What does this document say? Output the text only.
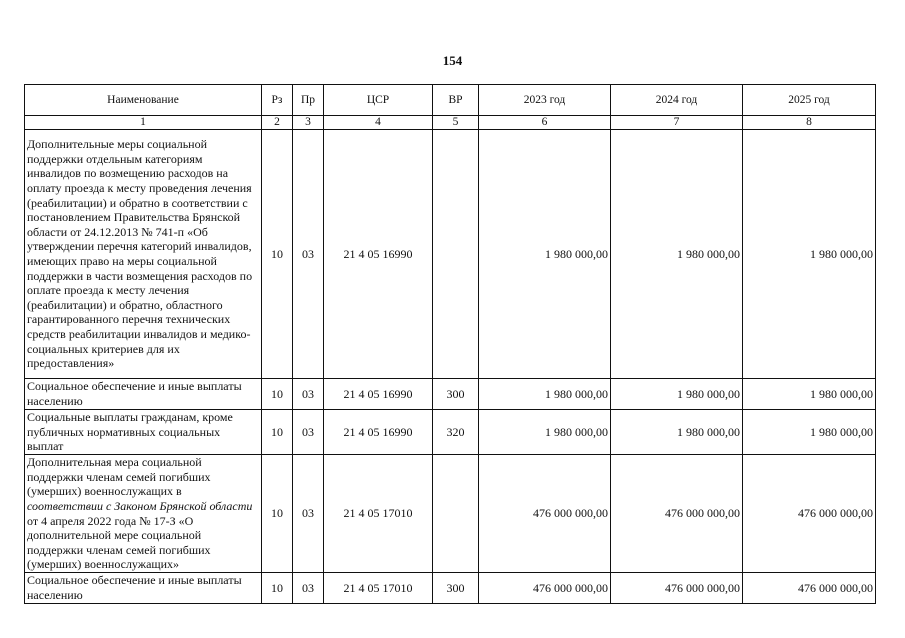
154
Наименование	Рз	Пр	ЦСР	ВР	2023 год	2024 год	2025 год
1	2	3	4	5	6	7	8
Дополнительные меры социальной поддержки отдельным категориям инвалидов по возмещению расходов на оплату проезда к месту проведения лечения (реабилитации) и обратно в соответствии с постановлением Правительства Брянской области от 24.12.2013 № 741-п «Об утверждении перечня категорий инвалидов, имеющих право на меры социальной поддержки в части возмещения расходов по оплате проезда к месту лечения (реабилитации) и обратно, областного гарантированного перечня технических средств реабилитации инвалидов и медико-социальных критериев для их предоставления»	10	03	21 4 05 16990		1 980 000,00	1 980 000,00	1 980 000,00
Социальное обеспечение и иные выплаты населению	10	03	21 4 05 16990	300	1 980 000,00	1 980 000,00	1 980 000,00
Социальные выплаты гражданам, кроме публичных нормативных социальных выплат	10	03	21 4 05 16990	320	1 980 000,00	1 980 000,00	1 980 000,00
Дополнительная мера социальной поддержки членам семей погибших (умерших) военнослужащих в соответствии с Законом Брянской области от 4 апреля 2022 года № 17-З «О дополнительной мере социальной поддержки членам семей погибших (умерших) военнослужащих»	10	03	21 4 05 17010		476 000 000,00	476 000 000,00	476 000 000,00
Социальное обеспечение и иные выплаты населению	10	03	21 4 05 17010	300	476 000 000,00	476 000 000,00	476 000 000,00
